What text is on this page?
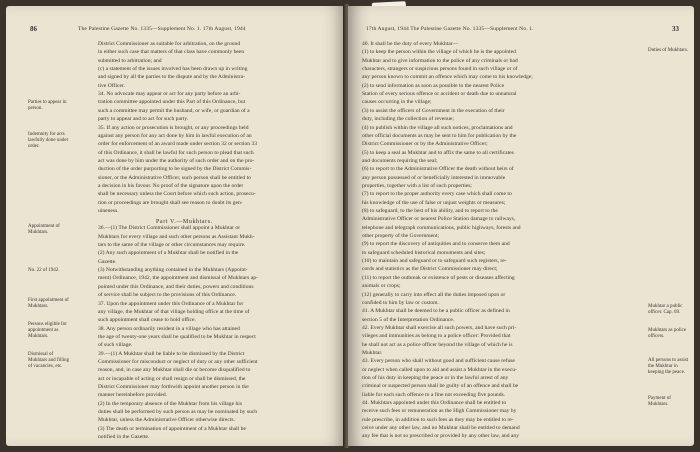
86	The Palestine Gazette No. 1335—Supplement No. 1. 17th August, 1944
Part V.—Mukhtars.
District Commissioner as suitable for arbitration, on the ground
in either such case that matters of that class have commonly been
submitted to arbitration; and
(c) a statement of the issues involved has been drawn up in writing
and signed by all the parties to the dispute and by the Administra-
tive Officer.
34. No advocate may appear or act for any party before an arbi-
tration committee appointed under this Part of this Ordinance, but
such a committee may permit the husband, or wife, or guardian of a
party to appear and to act for such party.
35. If any action or prosecution is brought, or any proceedings held
against any person for any act done by him in lawful execution of an
order for enforcement of an award made under section 32 or section 33
of this Ordinance, it shall be lawful for such person to plead that such
act was done by him under the authority of such order and on the pro-
duction of the order purporting to be signed by the District Commis-
sioner, or the Administrative Officer, such person shall be entitled to
a decision in his favour. No proof of the signature upon the order
shall be necessary unless the Court before which such action, prosecu-
tion or proceedings are brought shall see reason to doubt its gen-
uineness.
36.—(1) The District Commissioner shall appoint a Mukhtar or
Mukhtars for every village and such other persons as Assistant Mukh-
tars to the same of the village or other circumstances may require.
(2) Any such appointment of a Mukhtar shall be notified in the
Gazette.
(3) Notwithstanding anything contained in the Mukhtars (Appoint-
ment) Ordinance, 1942, the appointment and dismissal of Mukhtars ap-
pointed under this Ordinance, and their duties, powers and conditions
of service shall be subject to the provisions of this Ordinance.
37. Upon the appointment under this Ordinance of a Mukhtar for
any village, the Mukhtar of that village holding office at the time of
such appointment shall cease to hold office.
38. Any person ordinarily resident in a village who has attained
the age of twenty-one years shall be qualified to be Mukhtar in respect
of such village.
39.—(1) A Mukhtar shall be liable to be dismissed by the District
Commissioner for misconduct or neglect of duty or any other sufficient
reason, and, in case any Mukhtar shall die or become disqualified to
act or incapable of acting or shall resign or shall be dismissed, the
District Commissioner may forthwith appoint another person in the
manner hereinbefore provided.
(2) In the temporary absence of the Mukhtar from his village his
duties shall be performed by such person as may be nominated by such
Mukhtar, unless the Administrative Officer otherwise directs.
(3) The death or termination of appointment of a Mukhtar shall be
notified in the Gazette.
Parties to appear in person.
Indemnity for acts lawfully done under order.
Appointment of Mukhtars.
No. 22 of 1942.
First appointment of Mukhtars.
Persons eligible for appointment as Mukhtars.
Dismissal of Mukhtars and filling of vacancies, etc.
17th August, 1944 The Palestine Gazette No. 1335—Supplement No. 1.	33
40. It shall be the duty of every Mukhtar—
(1) to keep the person within the village of which he is the appointed
Mukhtar and to give information to the police of any criminals or bad
characters, strangers or suspicious persons found in such village or of
any person known to commit an offence which may come to his knowledge;
(2) to send information as soon as possible to the nearest Police
Station of every serious offence or accident or death due to unnatural
causes occurring in the village;
(3) to assist the officers of Government in the execution of their
duty, including the collection of revenue;
(4) to publish within the village all such notices, proclamations and
other official documents as may be sent to him for publication by the
District Commissioner or by the Administrative Officer;
(5) to keep a seal as Mukhtar and to affix the same to all certificates
and documents requiring the seal;
(6) to report to the Administrative Officer the death without heirs of
any person possessed of or beneficially interested in immovable
properties, together with a list of such properties;
(7) to report to the proper authority every case which shall come to
his knowledge of the use of false or unjust weights or measures;
(8) to safeguard, to the best of his ability, and to report to the
Administrative Officer or nearest Police Station damage to railways,
telephone and telegraph communications, public highways, forests and
other property of the Government;
(9) to report the discovery of antiquities and to conserve them and
to safeguard scheduled historical monuments and sites;
(10) to maintain and safeguard or to safeguard such registers, re-
cords and statistics as the District Commissioner may direct;
(11) to report the outbreak or existence of pests or diseases affecting
animals or crops;
(12) generally to carry into effect all the duties imposed upon or
confided to him by law or custom.
41. A Mukhtar shall be deemed to be a public officer as defined in
section 5 of the Interpretation Ordinance.
42. Every Mukhtar shall exercise all such powers, and have such pri-
vileges and immunities as belong to a police officer: Provided that
he shall not act as a police officer beyond the village of which he is
Mukhtar.
43. Every person who shall without good and sufficient cause refuse
or neglect when called upon to aid and assist a Mukhtar in the execu-
tion of his duty in keeping the peace or in the lawful arrest of any
criminal or suspected person shall be guilty of an offence and shall be
liable for each such offence to a fine not exceeding five pounds.
44. Mukhtars appointed under this Ordinance shall be entitled to
receive such fees or remuneration as the High Commissioner may by
rule prescribe, in addition to such fees as they may be entitled to re-
ceive under any other law, and no Mukhtar shall be entitled to demand
any fee that is not so prescribed or provided by any other law, and any
Duties of Mukhtars.
Mukhtar a public officer. Cap. 69.
Mukhtars as police officers.
All persons to assist the Mukhtar in keeping the peace.
Payment of Mukhtars.
